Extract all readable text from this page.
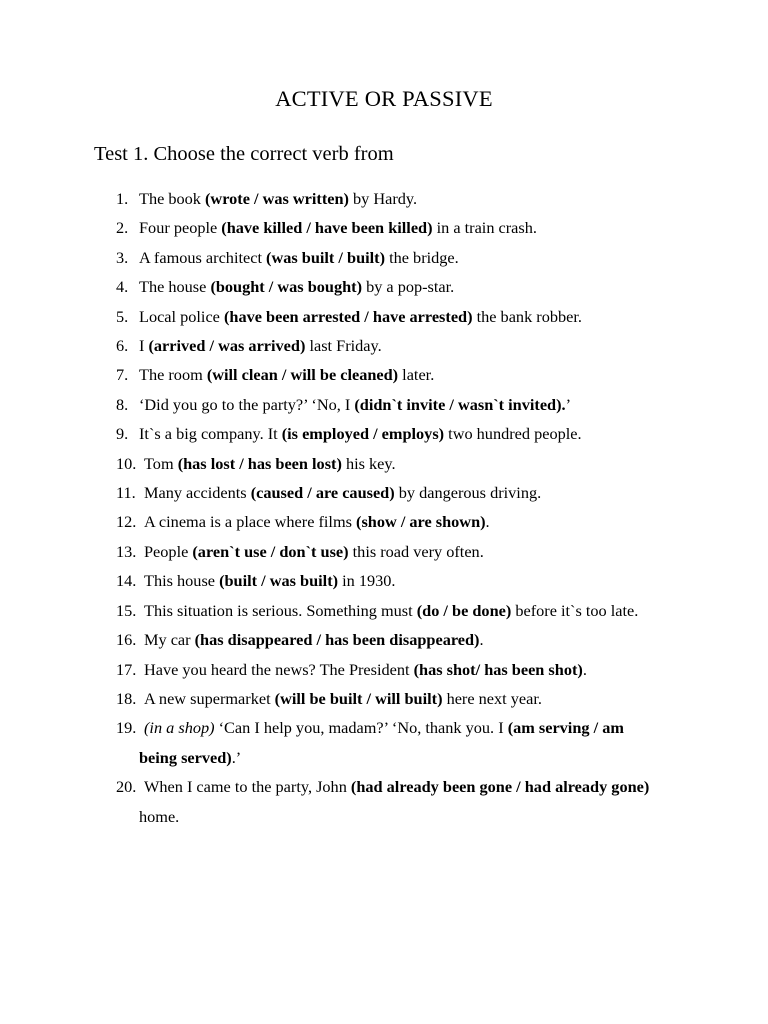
ACTIVE OR PASSIVE
Test 1. Choose the correct verb from
1. The book (wrote / was written) by Hardy.
2. Four people (have killed / have been killed) in a train crash.
3. A famous architect (was built / built) the bridge.
4. The house (bought / was bought) by a pop-star.
5. Local police (have been arrested / have arrested) the bank robber.
6. I (arrived / was arrived) last Friday.
7. The room (will clean / will be cleaned) later.
8. ‘Did you go to the party?’ ‘No, I (didn`t invite / wasn`t invited).’
9. It`s a big company. It (is employed / employs) two hundred people.
10. Tom (has lost / has been lost) his key.
11. Many accidents (caused / are caused) by dangerous driving.
12. A cinema is a place where films (show / are shown).
13. People (aren`t use / don`t use) this road very often.
14. This house (built / was built) in 1930.
15. This situation is serious. Something must (do / be done) before it`s too late.
16. My car (has disappeared / has been disappeared).
17. Have you heard the news? The President (has shot/ has been shot).
18. A new supermarket (will be built / will built) here next year.
19. (in a shop) ‘Can I help you, madam?’ ‘No, thank you. I (am serving / am being served).’
20. When I came to the party, John (had already been gone / had already gone) home.
